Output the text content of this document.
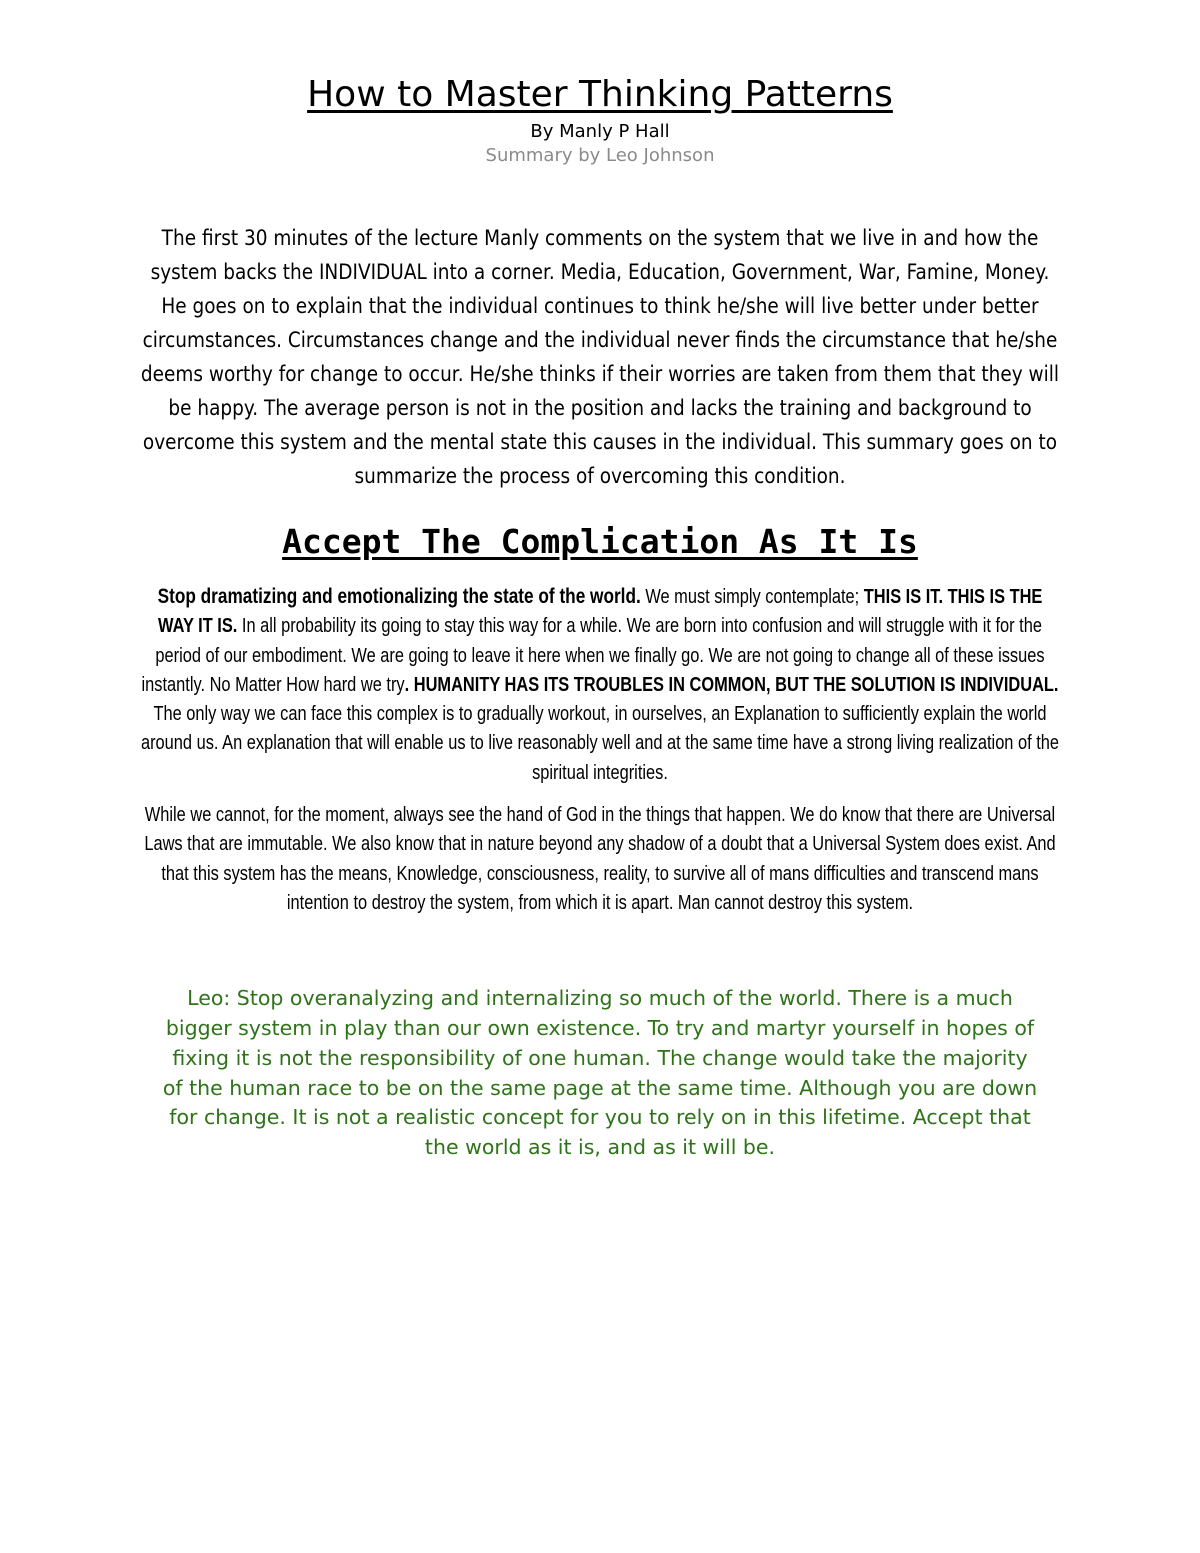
How to Master Thinking Patterns

By Manly P Hall

Summary by Leo Johnson

The first 30 minutes of the lecture Manly comments on the system that we live in and how the system backs the INDIVIDUAL into a corner. Media, Education, Government, War, Famine, Money. He goes on to explain that the individual continues to think he/she will live better under better circumstances. Circumstances change and the individual never finds the circumstance that he/she deems worthy for change to occur. He/she thinks if their worries are taken from them that they will be happy. The average person is not in the position and lacks the training and background to overcome this system and the mental state this causes in the individual. This summary goes on to summarize the process of overcoming this condition.

Accept The Complication As It Is

Stop dramatizing and emotionalizing the state of the world. We must simply contemplate; THIS IS IT. THIS IS THE WAY IT IS. In all probability its going to stay this way for a while. We are born into confusion and will struggle with it for the period of our embodiment. We are going to leave it here when we finally go. We are not going to change all of these issues instantly. No Matter How hard we try. HUMANITY HAS ITS TROUBLES IN COMMON, BUT THE SOLUTION IS INDIVIDUAL. The only way we can face this complex is to gradually workout, in ourselves, an Explanation to sufficiently explain the world around us. An explanation that will enable us to live reasonably well and at the same time have a strong living realization of the spiritual integrities.

While we cannot, for the moment, always see the hand of God in the things that happen. We do know that there are Universal Laws that are immutable. We also know that in nature beyond any shadow of a doubt that a Universal System does exist. And that this system has the means, Knowledge, consciousness, reality, to survive all of mans difficulties and transcend mans intention to destroy the system, from which it is apart. Man cannot destroy this system.

Leo: Stop overanalyzing and internalizing so much of the world. There is a much bigger system in play than our own existence. To try and martyr yourself in hopes of fixing it is not the responsibility of one human. The change would take the majority of the human race to be on the same page at the same time. Although you are down for change. It is not a realistic concept for you to rely on in this lifetime. Accept that the world as it is, and as it will be.
